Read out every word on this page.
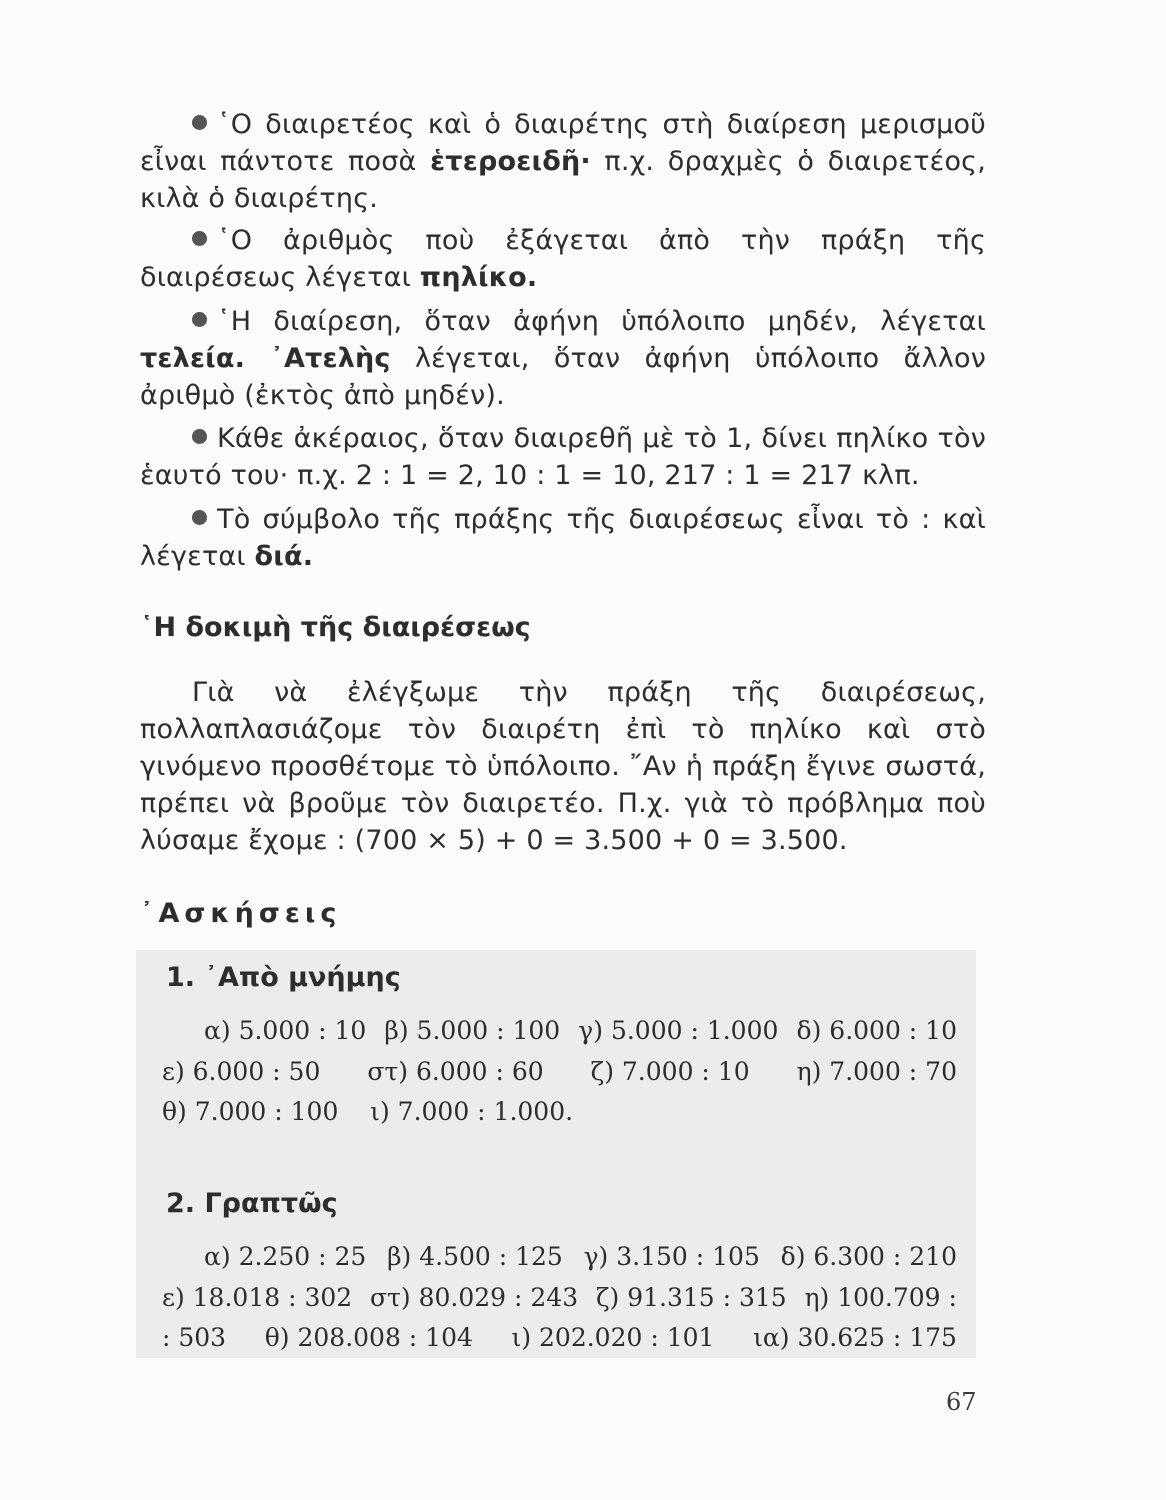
῾Ο διαιρετέος καὶ ὁ διαιρέτης στὴ διαίρεση μερισμοῦ εἶναι πάντοτε ποσὰ ἑτεροειδῆ· π.χ. δραχμὲς ὁ διαιρετέος, κιλὰ ὁ διαιρέτης.
῾Ο ἀριθμὸς ποὺ ἐξάγεται ἀπὸ τὴν πράξη τῆς διαιρέσεως λέγεται πηλίκο.
῾Η διαίρεση, ὅταν ἀφήνη ὑπόλοιπο μηδέν, λέγεται τελεία. ᾿Ατελὴς λέγεται, ὅταν ἀφήνη ὑπόλοιπο ἄλλον ἀριθμὸ (ἐκτὸς ἀπὸ μηδέν).
Κάθε ἀκέραιος, ὅταν διαιρεθῆ μὲ τὸ 1, δίνει πηλίκο τὸν ἑαυτό του· π.χ. 2 : 1 = 2, 10 : 1 = 10, 217 : 1 = 217 κλπ.
Τὸ σύμβολο τῆς πράξης τῆς διαιρέσεως εἶναι τὸ : καὶ λέγεται διά.
῾Η δοκιμὴ τῆς διαιρέσεως
Γιὰ νὰ ἐλέγξωμε τὴν πράξη τῆς διαιρέσεως, πολλαπλασιάζομε τὸν διαιρέτη ἐπὶ τὸ πηλίκο καὶ στὸ γινόμενο προσθέτομε τὸ ὑπόλοιπο. ῎Αν ἡ πράξη ἔγινε σωστά, πρέπει νὰ βροῦμε τὸν διαιρετέο. Π.χ. γιὰ τὸ πρόβλημα ποὺ λύσαμε ἔχομε : (700 × 5) + 0 = 3.500 + 0 = 3.500.
᾿Ασκήσεις
1. ᾿Απὸ μνήμης
α) 5.000 : 10 β) 5.000 : 100 γ) 5.000 : 1.000 δ) 6.000 : 10
ε) 6.000 : 50 στ) 6.000 : 60 ζ) 7.000 : 10 η) 7.000 : 70
θ) 7.000 : 100 ι) 7.000 : 1.000.
2. Γραπτῶς
α) 2.250 : 25 β) 4.500 : 125 γ) 3.150 : 105 δ) 6.300 : 210
ε) 18.018 : 302 στ) 80.029 : 243 ζ) 91.315 : 315 η) 100.709 :
: 503 θ) 208.008 : 104 ι) 202.020 : 101 ια) 30.625 : 175
67
